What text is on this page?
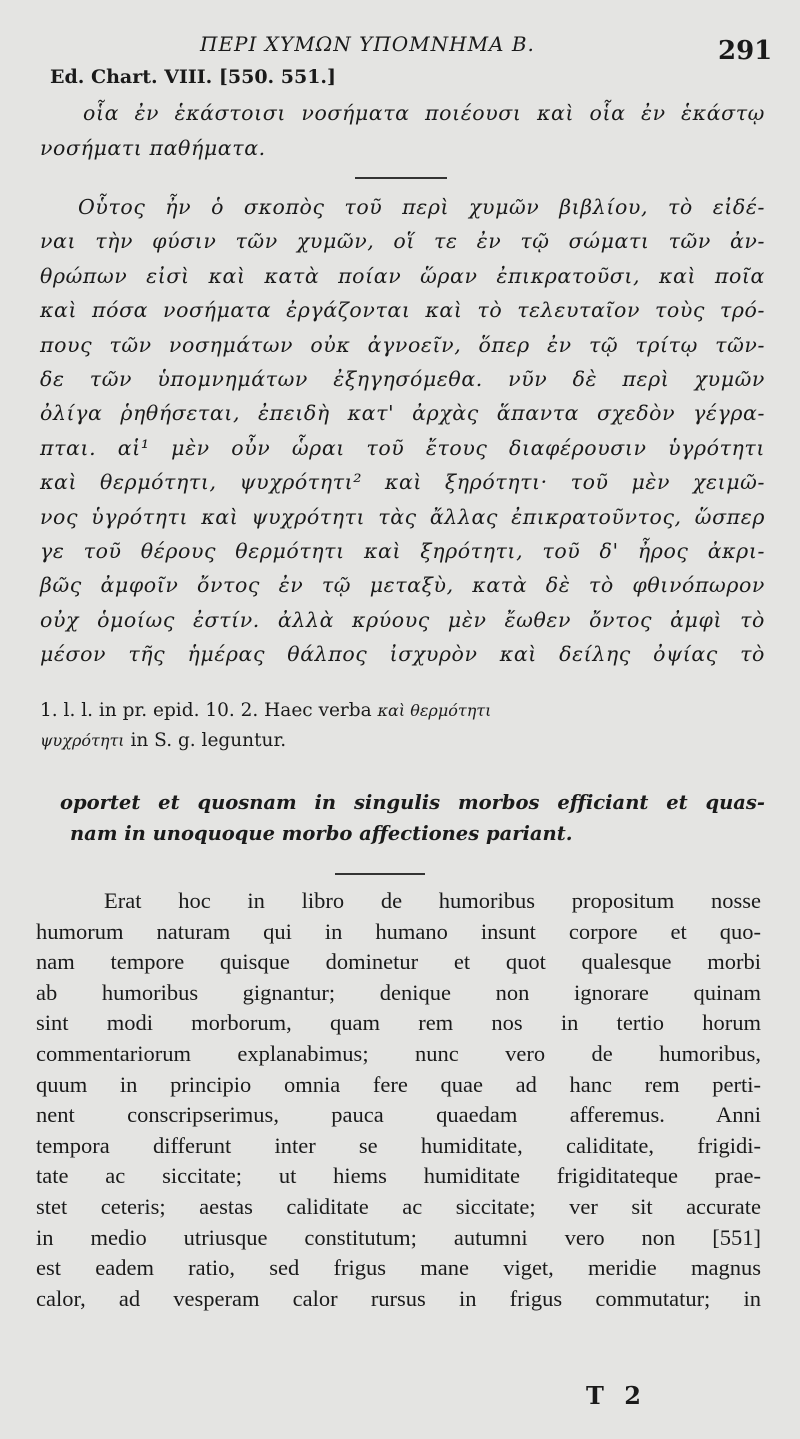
ΠΕΡΙ ΧΥΜΩΝ ΥΠΟΜΝΗΜΑ Β.	291
Ed. Chart. VIII. [550. 551.]
οἷα ἐν ἑκάστοισι νοσήματα ποιέουσι καὶ οἷα ἐν ἑκάστῳ
νοσήματι παθήματα.
Οὗτος ἦν ὁ σκοπὸς τοῦ περὶ χυμῶν βιβλίου, τὸ εἰδέ-
ναι τὴν φύσιν τῶν χυμῶν, οἵ τε ἐν τῷ σώματι τῶν ἀν-
θρώπων εἰσὶ καὶ κατὰ ποίαν ὥραν ἐπικρατοῦσι, καὶ ποῖα
καὶ πόσα νοσήματα ἐργάζονται καὶ τὸ τελευταῖον τοὺς τρό-
πους τῶν νοσημάτων οὐκ ἀγνοεῖν, ὅπερ ἐν τῷ τρίτῳ τῶν-
δε τῶν ὑπομνημάτων ἐξηγησόμεθα. νῦν δὲ περὶ χυμῶν
ὀλίγα ῥηθήσεται, ἐπειδὴ κατ' ἀρχὰς ἅπαντα σχεδὸν γέγρα-
πται. αἱ¹ μὲν οὖν ὧραι τοῦ ἔτους διαφέρουσιν ὑγρότητι
καὶ θερμότητι, ψυχρότητι² καὶ ξηρότητι· τοῦ μὲν χειμῶ-
νος ὑγρότητι καὶ ψυχρότητι τὰς ἄλλας ἐπικρατοῦντος, ὥσπερ
γε τοῦ θέρους θερμότητι καὶ ξηρότητι, τοῦ δ' ἦρος ἀκρι-
βῶς ἀμφοῖν ὄντος ἐν τῷ μεταξὺ, κατὰ δὲ τὸ φθινόπωρον
οὐχ ὁμοίως ἐστίν. ἀλλὰ κρύους μὲν ἔωθεν ὄντος ἀμφὶ τὸ
μέσον τῆς ἡμέρας θάλπος ἰσχυρὸν καὶ δείλης ὀψίας τὸ
1. l. l. in pr. epid. 10. 2. Haec verba καὶ θερμότητι
ψυχρότητι in S. g. leguntur.
oportet et quosnam in singulis morbos efficiant et quas-
nam in unoquoque morbo affectiones pariant.
Erat hoc in libro de humoribus propositum nosse
humorum naturam qui in humano insunt corpore et quo-
nam tempore quisque dominetur et quot qualesque morbi
ab humoribus gignantur; denique non ignorare quinam
sint modi morborum, quam rem nos in tertio horum
commentariorum explanabimus; nunc vero de humoribus,
quum in principio omnia fere quae ad hanc rem perti-
nent conscripserimus, pauca quaedam afferemus. Anni
tempora differunt inter se humiditate, caliditate, frigidi-
tate ac siccitate; ut hiems humiditate frigiditateque prae-
stet ceteris; aestas caliditate ac siccitate; ver sit accurate
in medio utriusque constitutum; autumni vero non [551]
est eadem ratio, sed frigus mane viget, meridie magnus
calor, ad vesperam calor rursus in frigus commutatur; in
T 2
